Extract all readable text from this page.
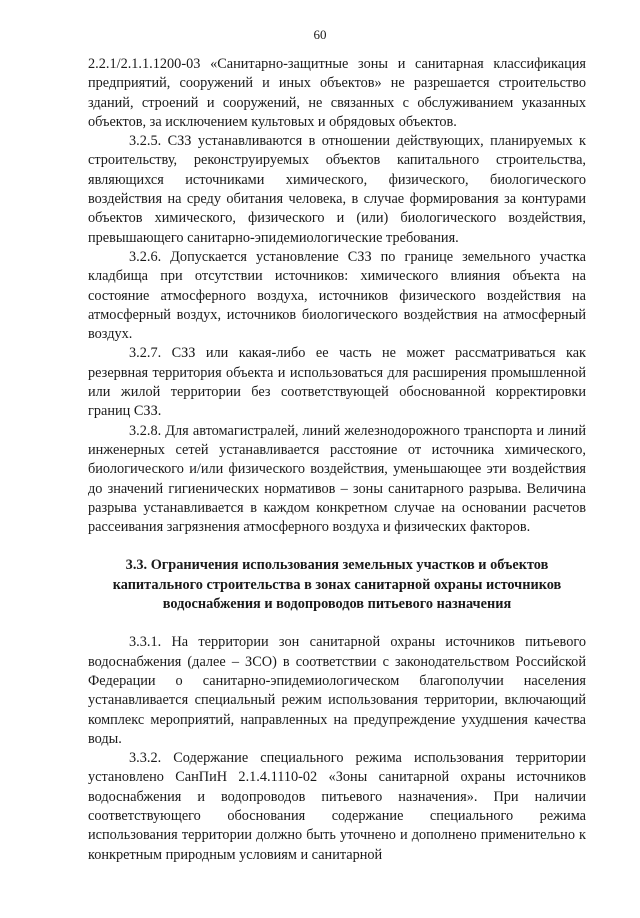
60

2.2.1/2.1.1.1200-03 «Санитарно-защитные зоны и санитарная классификация предприятий, сооружений и иных объектов» не разрешается строительство зданий, строений и сооружений, не связанных с обслуживанием указанных объектов, за исключением культовых и обрядовых объектов.

3.2.5. СЗЗ устанавливаются в отношении действующих, планируемых к строительству, реконструируемых объектов капитального строительства, являющихся источниками химического, физического, биологического воздействия на среду обитания человека, в случае формирования за контурами объектов химического, физического и (или) биологического воздействия, превышающего санитарно-эпидемиологические требования.

3.2.6. Допускается установление СЗЗ по границе земельного участка кладбища при отсутствии источников: химического влияния объекта на состояние атмосферного воздуха, источников физического воздействия на атмосферный воздух, источников биологического воздействия на атмосферный воздух.

3.2.7. СЗЗ или какая-либо ее часть не может рассматриваться как резервная территория объекта и использоваться для расширения промышленной или жилой территории без соответствующей обоснованной корректировки границ СЗЗ.

3.2.8. Для автомагистралей, линий железнодорожного транспорта и линий инженерных сетей устанавливается расстояние от источника химического, биологического и/или физического воздействия, уменьшающее эти воздействия до значений гигиенических нормативов – зоны санитарного разрыва. Величина разрыва устанавливается в каждом конкретном случае на основании расчетов рассеивания загрязнения атмосферного воздуха и физических факторов.

3.3. Ограничения использования земельных участков и объектов капитального строительства в зонах санитарной охраны источников водоснабжения и водопроводов питьевого назначения

3.3.1. На территории зон санитарной охраны источников питьевого водоснабжения (далее – ЗСО) в соответствии с законодательством Российской Федерации о санитарно-эпидемиологическом благополучии населения устанавливается специальный режим использования территории, включающий комплекс мероприятий, направленных на предупреждение ухудшения качества воды.

3.3.2. Содержание специального режима использования территории установлено СанПиН 2.1.4.1110-02 «Зоны санитарной охраны источников водоснабжения и водопроводов питьевого назначения». При наличии соответствующего обоснования содержание специального режима использования территории должно быть уточнено и дополнено применительно к конкретным природным условиям и санитарной
